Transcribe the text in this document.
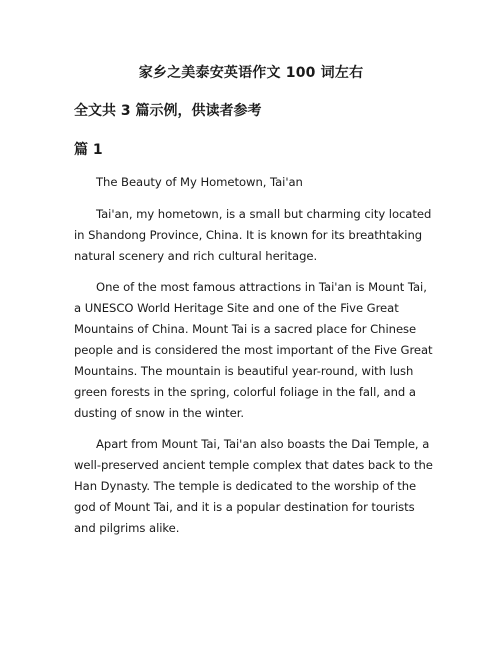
家乡之美泰安英语作文 100 词左右
全文共 3 篇示例，供读者参考
篇 1

The Beauty of My Hometown, Tai'an

Tai'an, my hometown, is a small but charming city located in Shandong Province, China. It is known for its breathtaking natural scenery and rich cultural heritage.

One of the most famous attractions in Tai'an is Mount Tai, a UNESCO World Heritage Site and one of the Five Great Mountains of China. Mount Tai is a sacred place for Chinese people and is considered the most important of the Five Great Mountains. The mountain is beautiful year-round, with lush green forests in the spring, colorful foliage in the fall, and a dusting of snow in the winter.

Apart from Mount Tai, Tai'an also boasts the Dai Temple, a well-preserved ancient temple complex that dates back to the Han Dynasty. The temple is dedicated to the worship of the god of Mount Tai, and it is a popular destination for tourists and pilgrims alike.
